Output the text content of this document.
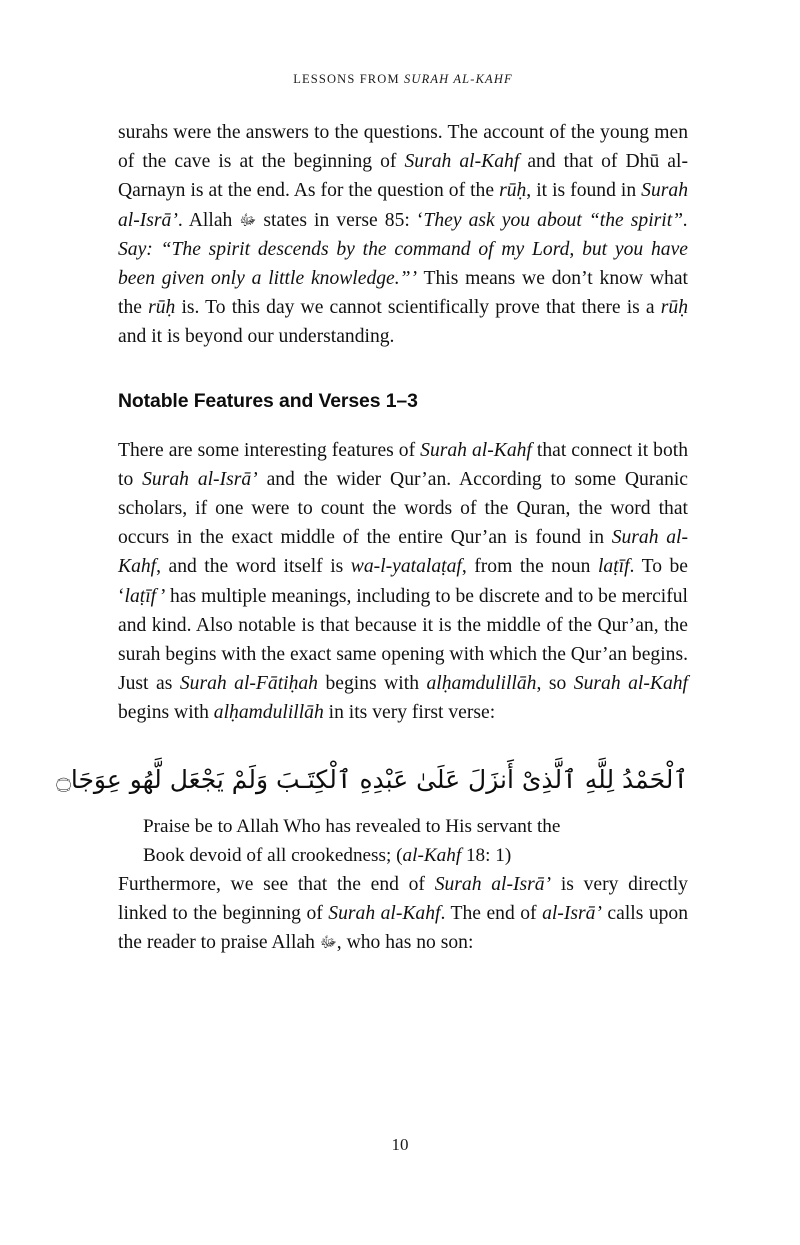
LESSONS FROM SURAH AL-KAHF

surahs were the answers to the questions. The account of the young men of the cave is at the beginning of Surah al-Kahf and that of Dhū al-Qarnayn is at the end. As for the question of the rūḥ, it is found in Surah al-Isrā’. Allah ﷻ states in verse 85: ‘They ask you about “the spirit”. Say: “The spirit descends by the command of my Lord, but you have been given only a little knowledge.”’ This means we don’t know what the rūḥ is. To this day we cannot scientifically prove that there is a rūḥ and it is beyond our understanding.

Notable Features and Verses 1–3

There are some interesting features of Surah al-Kahf that connect it both to Surah al-Isrā’ and the wider Qur’an. According to some Quranic scholars, if one were to count the words of the Quran, the word that occurs in the exact middle of the entire Qur’an is found in Surah al-Kahf, and the word itself is wa-l-yatalaṭaf, from the noun laṭīf. To be ‘laṭīf ’ has multiple meanings, including to be discrete and to be merciful and kind. Also notable is that because it is the middle of the Qur’an, the surah begins with the exact same opening with which the Qur’an begins. Just as Surah al-Fātiḥah begins with alḥamdulillāh, so Surah al-Kahf begins with alḥamdulillāh in its very first verse:

ٱلْحَمْدُ لِلَّهِ ٱلَّذِىْ أَنزَلَ عَلَىٰ عَبْدِهِ ٱلْكِتَـبَ وَلَمْ يَجْعَل لَّهُو عِوَجَا‍۝

Praise be to Allah Who has revealed to His servant the

Book devoid of all crookedness; (al-Kahf 18: 1)

Furthermore, we see that the end of Surah al-Isrā’ is very directly linked to the beginning of Surah al-Kahf. The end of al-Isrā’ calls upon the reader to praise Allah ﷻ, who has no son:

10
